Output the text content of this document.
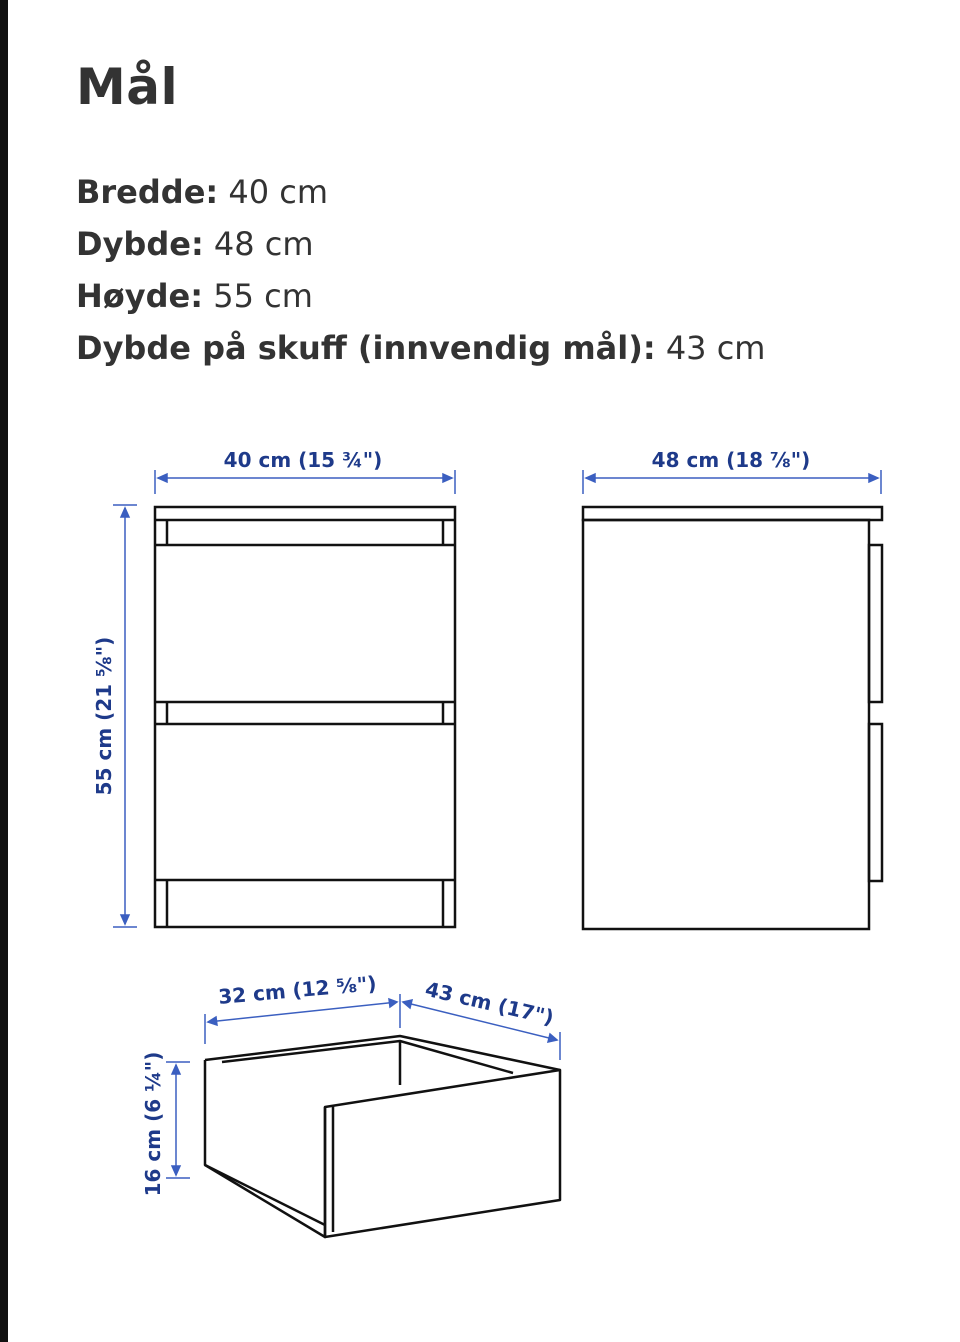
Mål
Bredde: 40 cm
Dybde: 48 cm
Høyde: 55 cm
Dybde på skuff (innvendig mål): 43 cm
40 cm (15 ¾")
55 cm (21 ⅝")
48 cm (18 ⅞")
32 cm (12 ⅝") 43 cm (17")
16 cm (6 ¼")
